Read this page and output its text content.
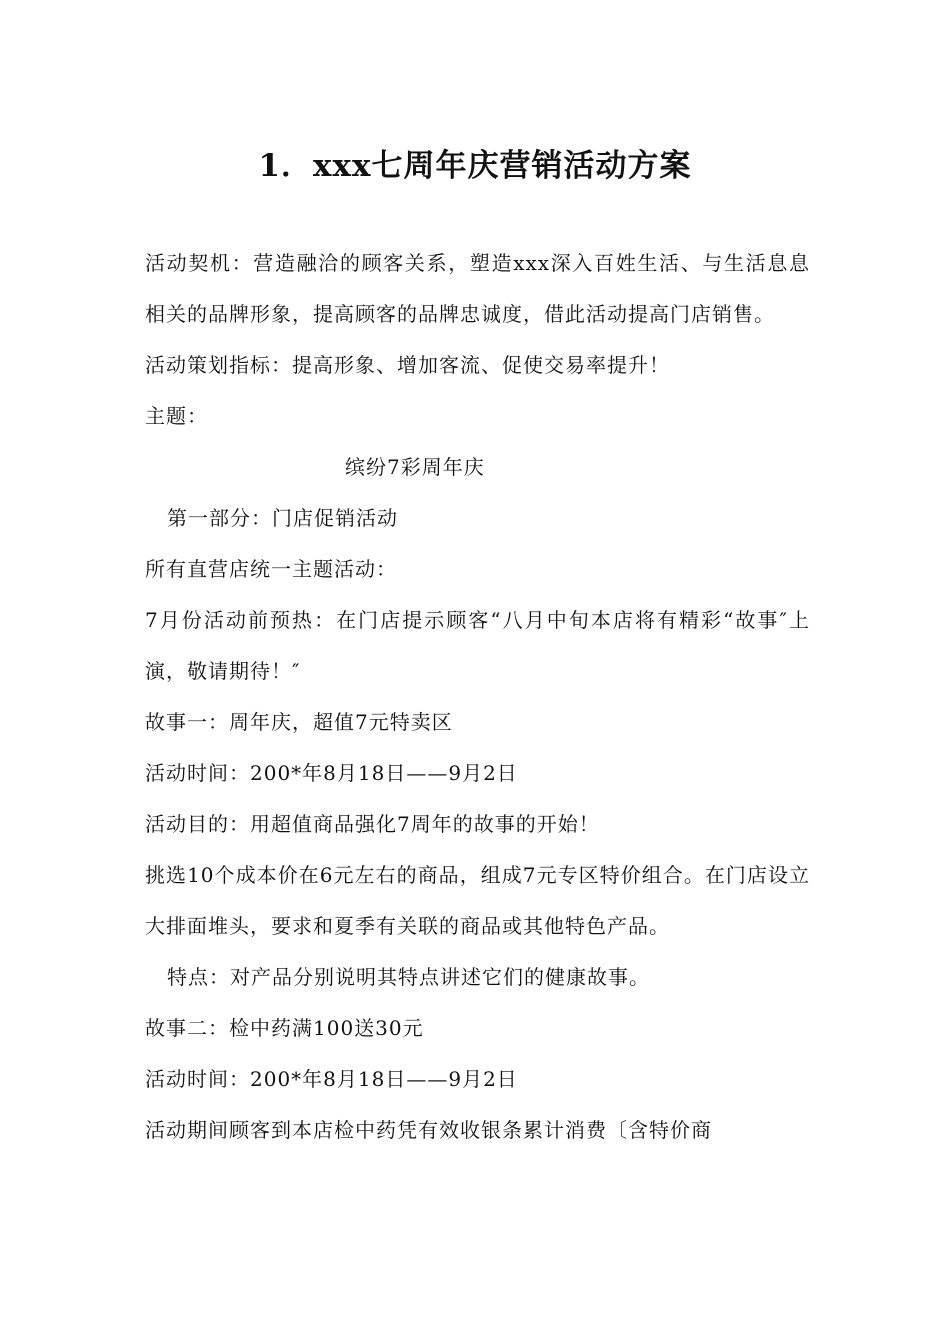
1．xxx七周年庆营销活动方案

活动契机：营造融洽的顾客关系，塑造xxx深入百姓生活、与生活息息相关的品牌形象，提高顾客的品牌忠诚度，借此活动提高门店销售。

活动策划指标：提高形象、增加客流、促使交易率提升！

主题：

缤纷7彩周年庆

第一部分：门店促销活动

所有直营店统一主题活动：

7月份活动前预热：在门店提示顾客“八月中旬本店将有精彩“故事″上演，敬请期待！″

故事一：周年庆，超值7元特卖区

活动时间：200*年8月18日——9月2日

活动目的：用超值商品强化7周年的故事的开始！

挑选10个成本价在6元左右的商品，组成7元专区特价组合。在门店设立大排面堆头，要求和夏季有关联的商品或其他特色产品。

特点：对产品分别说明其特点讲述它们的健康故事。

故事二：检中药满100送30元

活动时间：200*年8月18日——9月2日

活动期间顾客到本店检中药凭有效收银条累计消费〔含特价商
